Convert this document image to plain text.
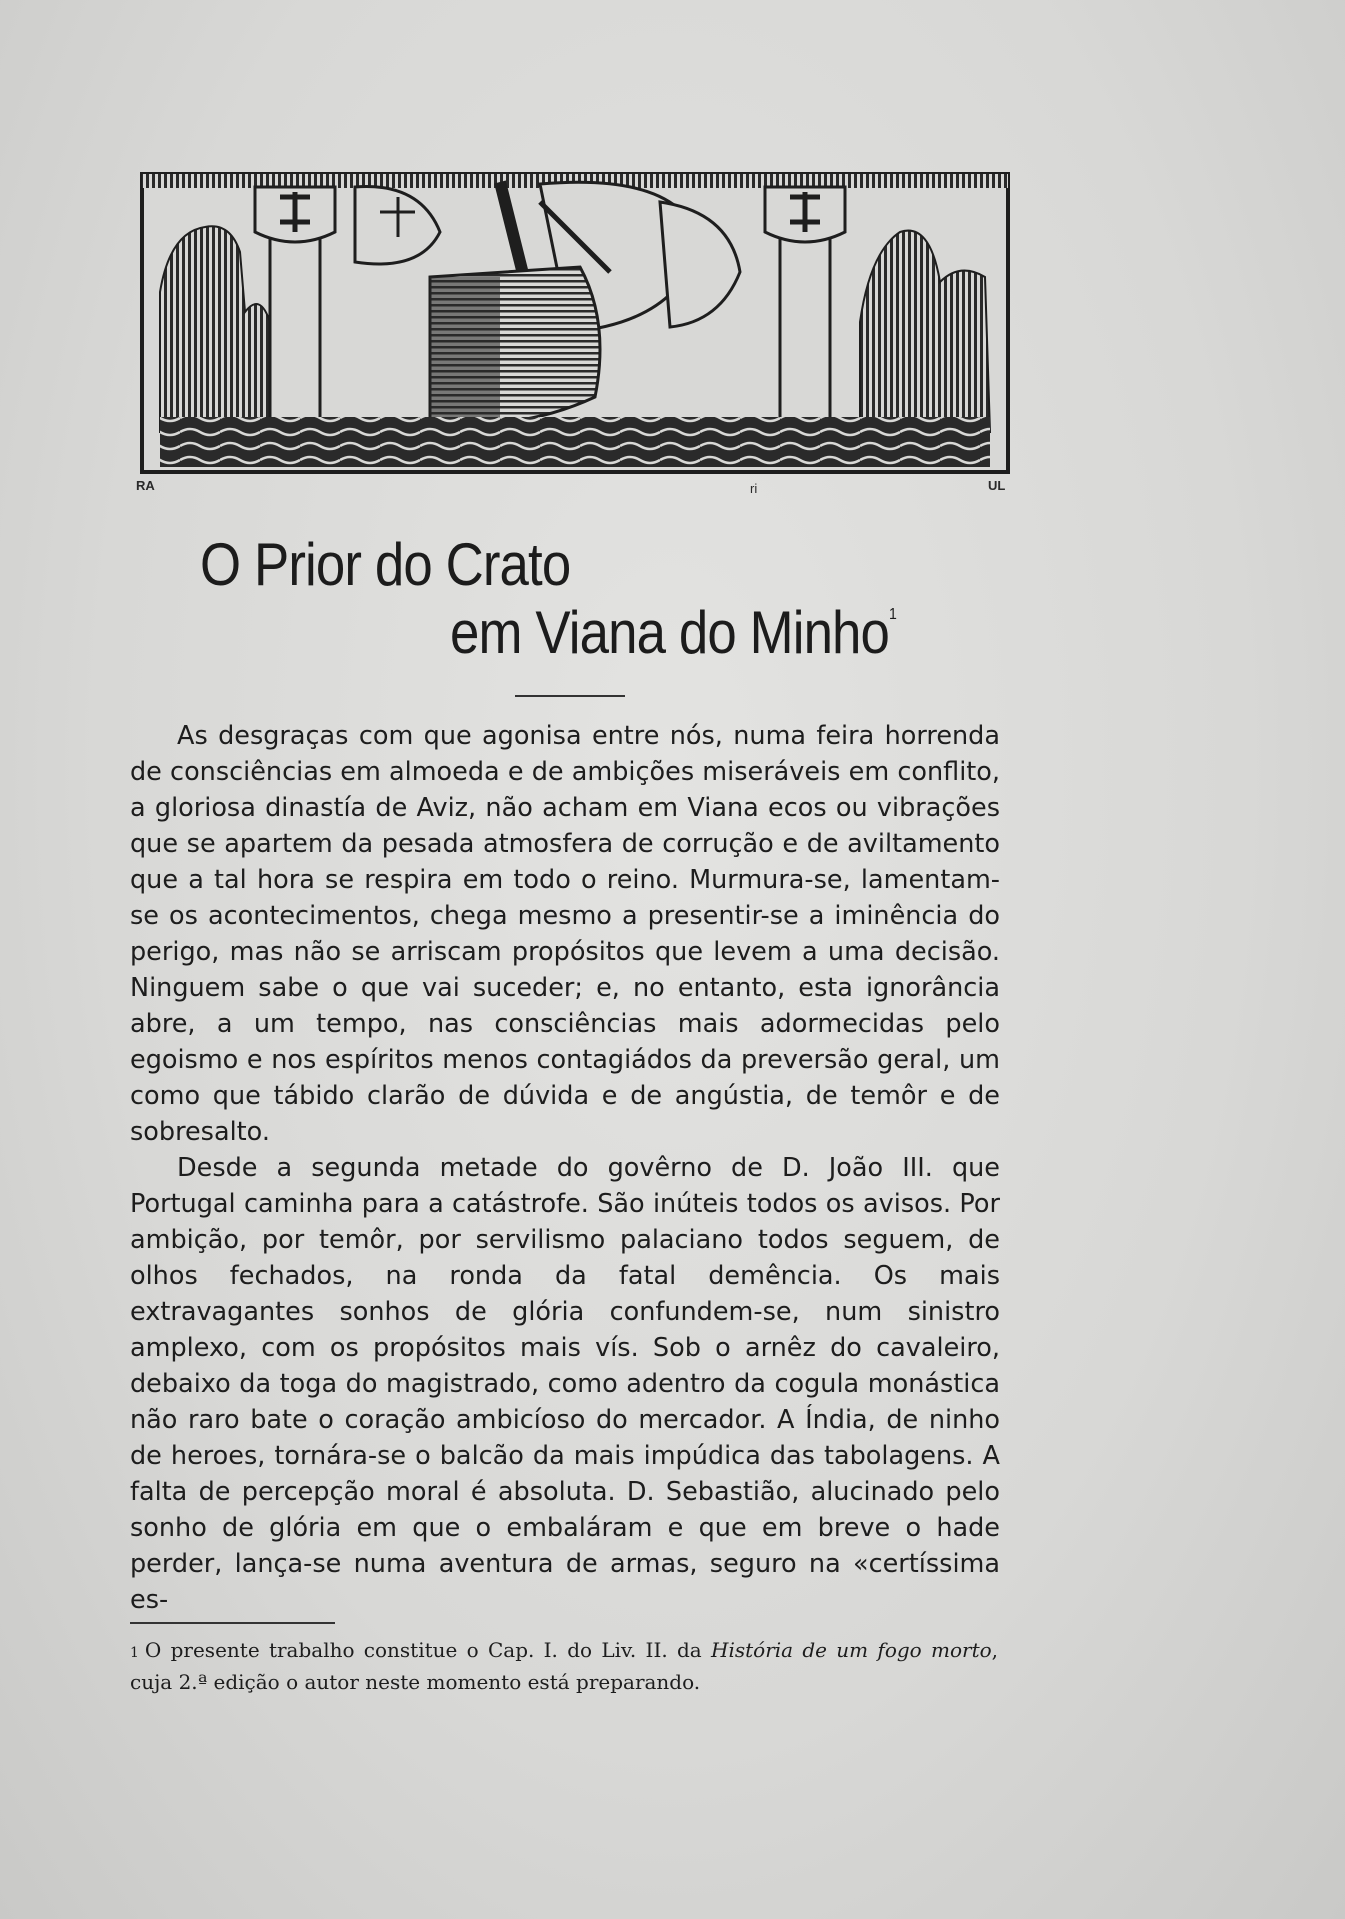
RA	ri	UL
O Prior do Crato
em Viana do Minho$^1$

As desgraças com que agonisa entre nós, numa feira horrenda de consciências em almoeda e de ambições miseráveis em conflito, a gloriosa dinastía de Aviz, não acham em Viana ecos ou vibrações que se apartem da pesada atmosfera de corrução e de aviltamento que a tal hora se respira em todo o reino. Murmura-se, lamentam-se os acontecimentos, chega mesmo a presentir-se a iminência do perigo, mas não se arriscam propósitos que levem a uma decisão. Ninguem sabe o que vai suceder; e, no entanto, esta ignorância abre, a um tempo, nas consciências mais adormecidas pelo egoismo e nos espíritos menos contagiádos da preversão geral, um como que tábido clarão de dúvida e de angústia, de temôr e de sobresalto.

Desde a segunda metade do govêrno de D. João III. que Portugal caminha para a catástrofe. São inúteis todos os avisos. Por ambição, por temôr, por servilismo palaciano todos seguem, de olhos fechados, na ronda da fatal demência. Os mais extravagantes sonhos de glória confundem-se, num sinistro amplexo, com os propósitos mais vís. Sob o arnêz do cavaleiro, debaixo da toga do magistrado, como adentro da cogula monástica não raro bate o coração ambicíoso do mercador. A Índia, de ninho de heroes, tornára-se o balcão da mais impúdica das tabolagens. A falta de percepção moral é absoluta. D. Sebastião, alucinado pelo sonho de glória em que o embaláram e que em breve o hade perder, lança-se numa aventura de armas, seguro na «certíssima es-

$^1$ O presente trabalho constitue o Cap. I. do Liv. II. da História de um fogo morto, cuja 2.ª edição o autor neste momento está preparando.
